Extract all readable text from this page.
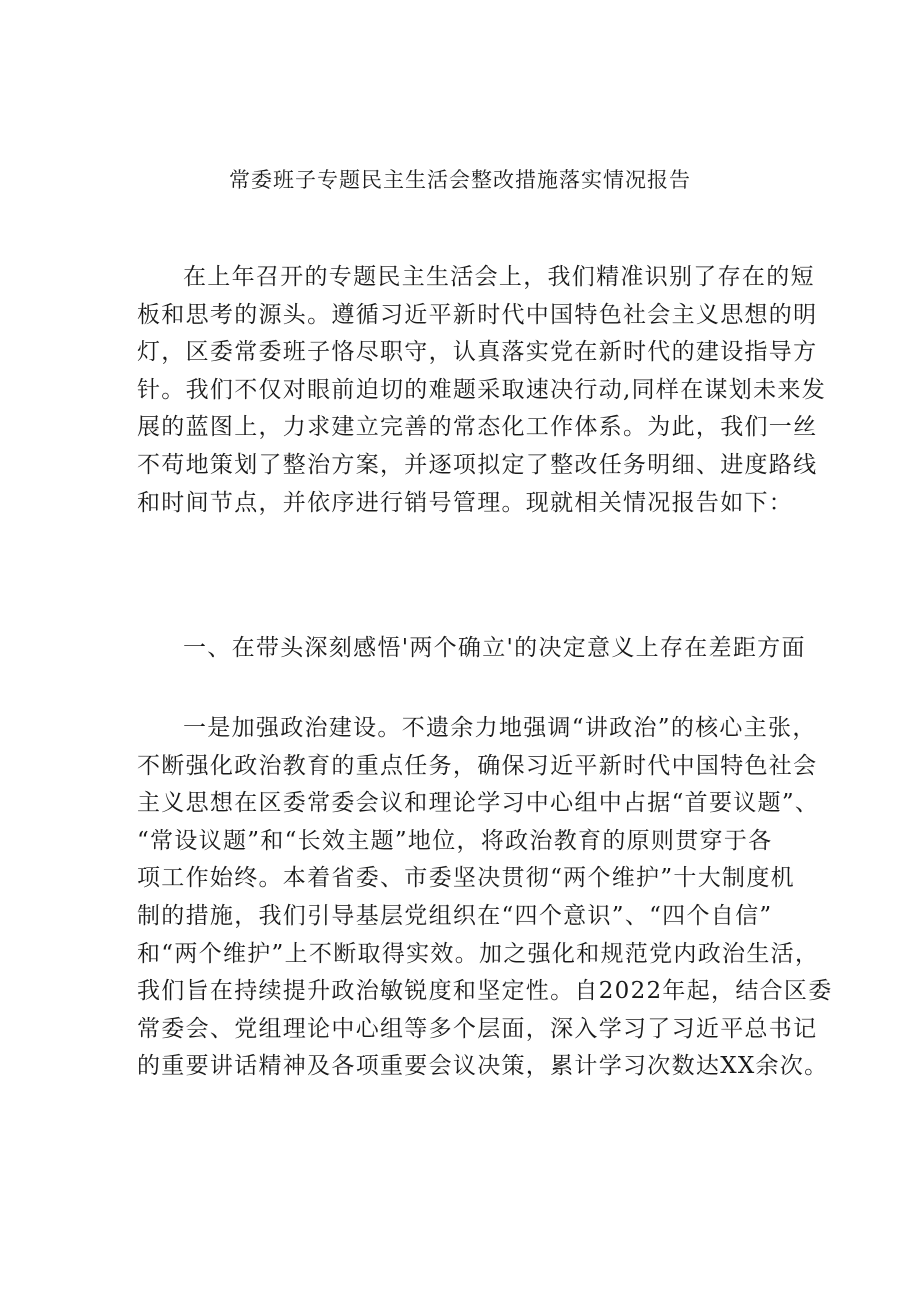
常委班子专题民主生活会整改措施落实情况报告
在上年召开的专题民主生活会上，我们精准识别了存在的短
板和思考的源头。遵循习近平新时代中国特色社会主义思想的明
灯，区委常委班子恪尽职守，认真落实党在新时代的建设指导方
针。我们不仅对眼前迫切的难题采取速决行动,同样在谋划未来发
展的蓝图上，力求建立完善的常态化工作体系。为此，我们一丝
不苟地策划了整治方案，并逐项拟定了整改任务明细、进度路线
和时间节点，并依序进行销号管理。现就相关情况报告如下：
一、在带头深刻感悟'两个确立'的决定意义上存在差距方面
一是加强政治建设。不遗余力地强调“讲政治”的核心主张，
不断强化政治教育的重点任务，确保习近平新时代中国特色社会
主义思想在区委常委会议和理论学习中心组中占据“首要议题”、
“常设议题”和“长效主题”地位，将政治教育的原则贯穿于各
项工作始终。本着省委、市委坚决贯彻“两个维护”十大制度机
制的措施，我们引导基层党组织在“四个意识”、“四个自信”
和“两个维护”上不断取得实效。加之强化和规范党内政治生活，
我们旨在持续提升政治敏锐度和坚定性。自2022年起，结合区委
常委会、党组理论中心组等多个层面，深入学习了习近平总书记
的重要讲话精神及各项重要会议决策，累计学习次数达XX余次。
